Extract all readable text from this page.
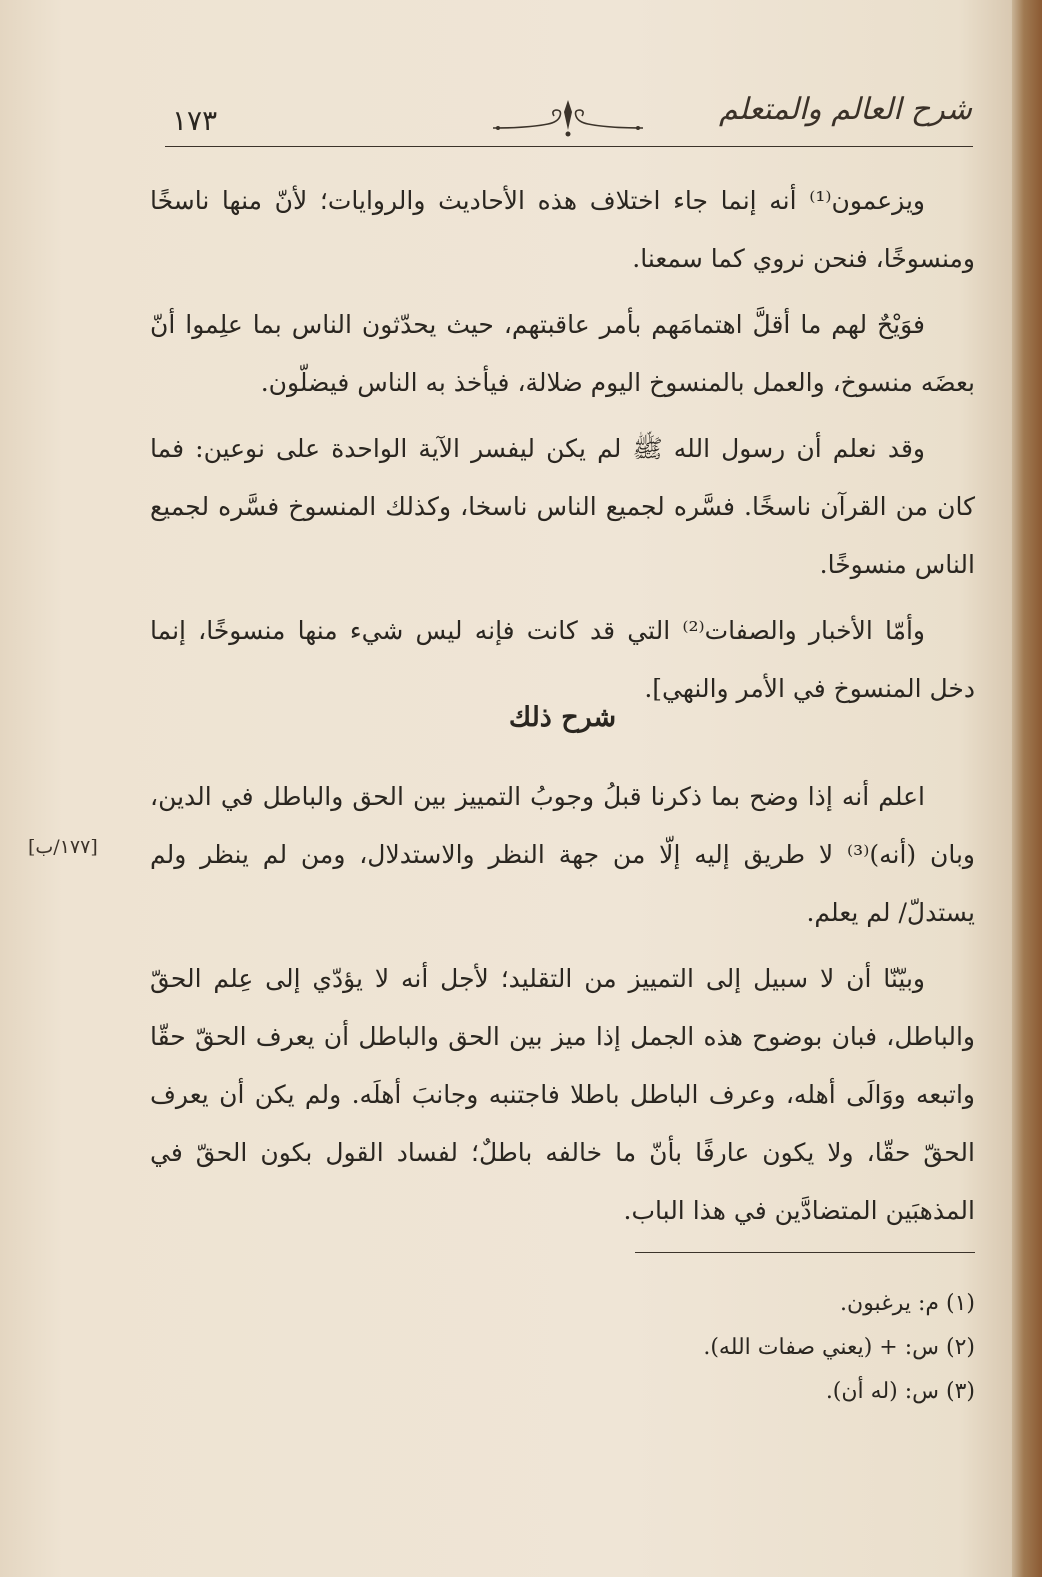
١٧٣	شرح العالم والمتعلم

ويزعمون⁽¹⁾ أنه إنما جاء اختلاف هذه الأحاديث والروايات؛ لأنّ منها ناسخًا ومنسوخًا، فنحن نروي كما سمعنا.

فوَيْحٌ لهم ما أقلَّ اهتمامَهم بأمر عاقبتهم، حيث يحدّثون الناس بما علِموا أنّ بعضَه منسوخ، والعمل بالمنسوخ اليوم ضلالة، فيأخذ به الناس فيضلّون.

وقد نعلم أن رسول الله ﷺ لم يكن ليفسر الآية الواحدة على نوعين: فما كان من القرآن ناسخًا. فسَّره لجميع الناس ناسخا، وكذلك المنسوخ فسَّره لجميع الناس منسوخًا.

وأمّا الأخبار والصفات⁽²⁾ التي قد كانت فإنه ليس شيء منها منسوخًا، إنما دخل المنسوخ في الأمر والنهي].

شرح ذلك

اعلم أنه إذا وضح بما ذكرنا قبلُ وجوبُ التمييز بين الحق والباطل في الدين، وبان (أنه)⁽³⁾ لا طريق إليه إلّا من جهة النظر والاستدلال، ومن لم ينظر ولم يستدلّ/ لم يعلم.

وبيّنّا أن لا سبيل إلى التمييز من التقليد؛ لأجل أنه لا يؤدّي إلى عِلم الحقّ والباطل، فبان بوضوح هذه الجمل إذا ميز بين الحق والباطل أن يعرف الحقّ حقّا واتبعه ووَالَى أهله، وعرف الباطل باطلا فاجتنبه وجانبَ أهلَه. ولم يكن أن يعرف الحقّ حقّا، ولا يكون عارفًا بأنّ ما خالفه باطلٌ؛ لفساد القول بكون الحقّ في المذهبَين المتضادَّين في هذا الباب.

[١٧٧/ب]

(١) م: يرغبون.

(٢) س: + (يعني صفات الله).

(٣) س: (له أن).
